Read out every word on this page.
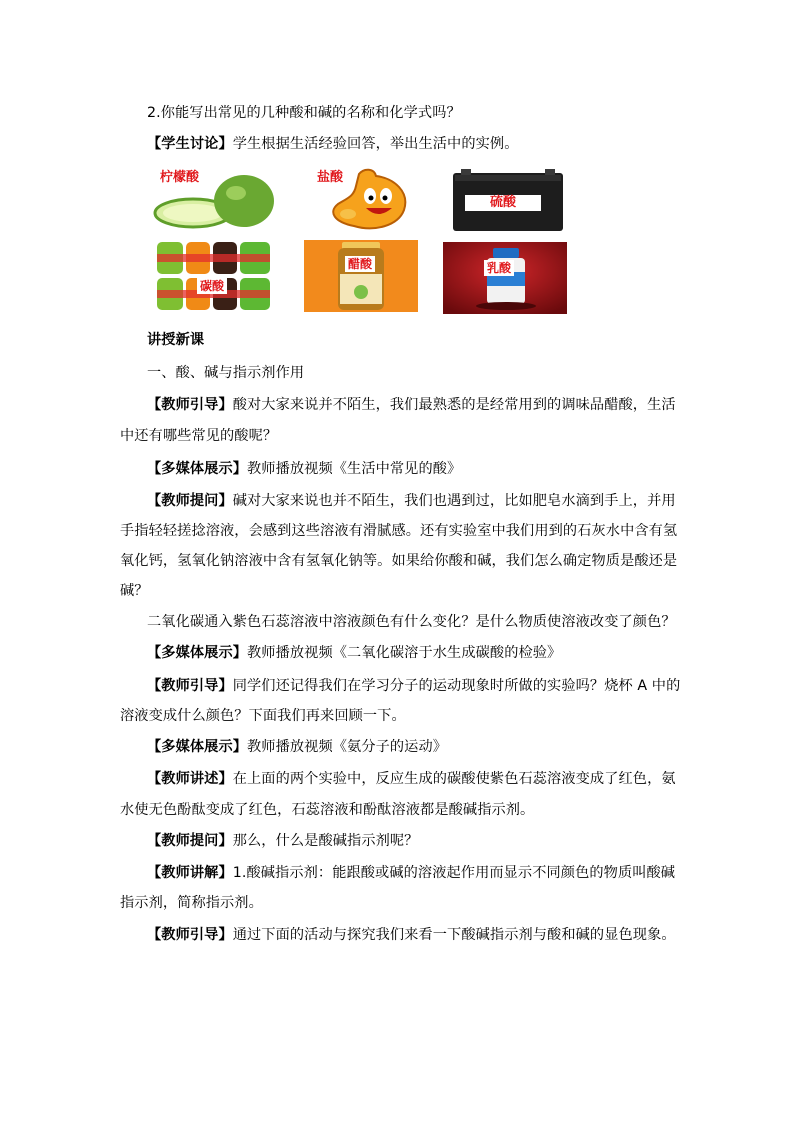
2.你能写出常见的几种酸和碱的名称和化学式吗？
【学生讨论】学生根据生活经验回答，举出生活中的实例。
柠檬酸	盐酸
硫酸
碳酸
醋酸	乳酸
讲授新课
一、酸、碱与指示剂作用
【教师引导】酸对大家来说并不陌生，我们最熟悉的是经常用到的调味品醋酸，生活
中还有哪些常见的酸呢？
【多媒体展示】教师播放视频《生活中常见的酸》
【教师提问】碱对大家来说也并不陌生，我们也遇到过，比如肥皂水滴到手上，并用
手指轻轻搓捻溶液，会感到这些溶液有滑腻感。还有实验室中我们用到的石灰水中含有氢
氧化钙，氢氧化钠溶液中含有氢氧化钠等。如果给你酸和碱，我们怎么确定物质是酸还是
碱？
二氧化碳通入紫色石蕊溶液中溶液颜色有什么变化？是什么物质使溶液改变了颜色？
【多媒体展示】教师播放视频《二氧化碳溶于水生成碳酸的检验》
【教师引导】同学们还记得我们在学习分子的运动现象时所做的实验吗？烧杯 A 中的
溶液变成什么颜色？下面我们再来回顾一下。
【多媒体展示】教师播放视频《氨分子的运动》
【教师讲述】在上面的两个实验中，反应生成的碳酸使紫色石蕊溶液变成了红色，氨
水使无色酚酞变成了红色，石蕊溶液和酚酞溶液都是酸碱指示剂。
【教师提问】那么，什么是酸碱指示剂呢？
【教师讲解】1.酸碱指示剂：能跟酸或碱的溶液起作用而显示不同颜色的物质叫酸碱
指示剂，简称指示剂。
【教师引导】通过下面的活动与探究我们来看一下酸碱指示剂与酸和碱的显色现象。
